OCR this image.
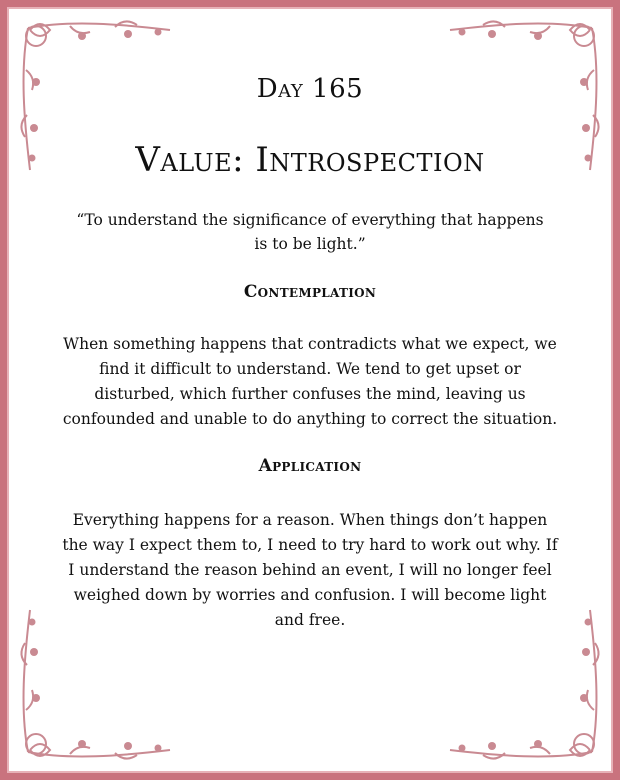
Day 165
Value: Introspection
“To understand the significance of everything that happens is to be light.”
Contemplation
When something happens that contradicts what we expect, we find it difficult to understand. We tend to get upset or disturbed, which further confuses the mind, leaving us confounded and unable to do anything to correct the situation.
Application
Everything happens for a reason. When things don’t happen the way I expect them to, I need to try hard to work out why. If I understand the reason behind an event, I will no longer feel weighed down by worries and confusion. I will become light and free.
